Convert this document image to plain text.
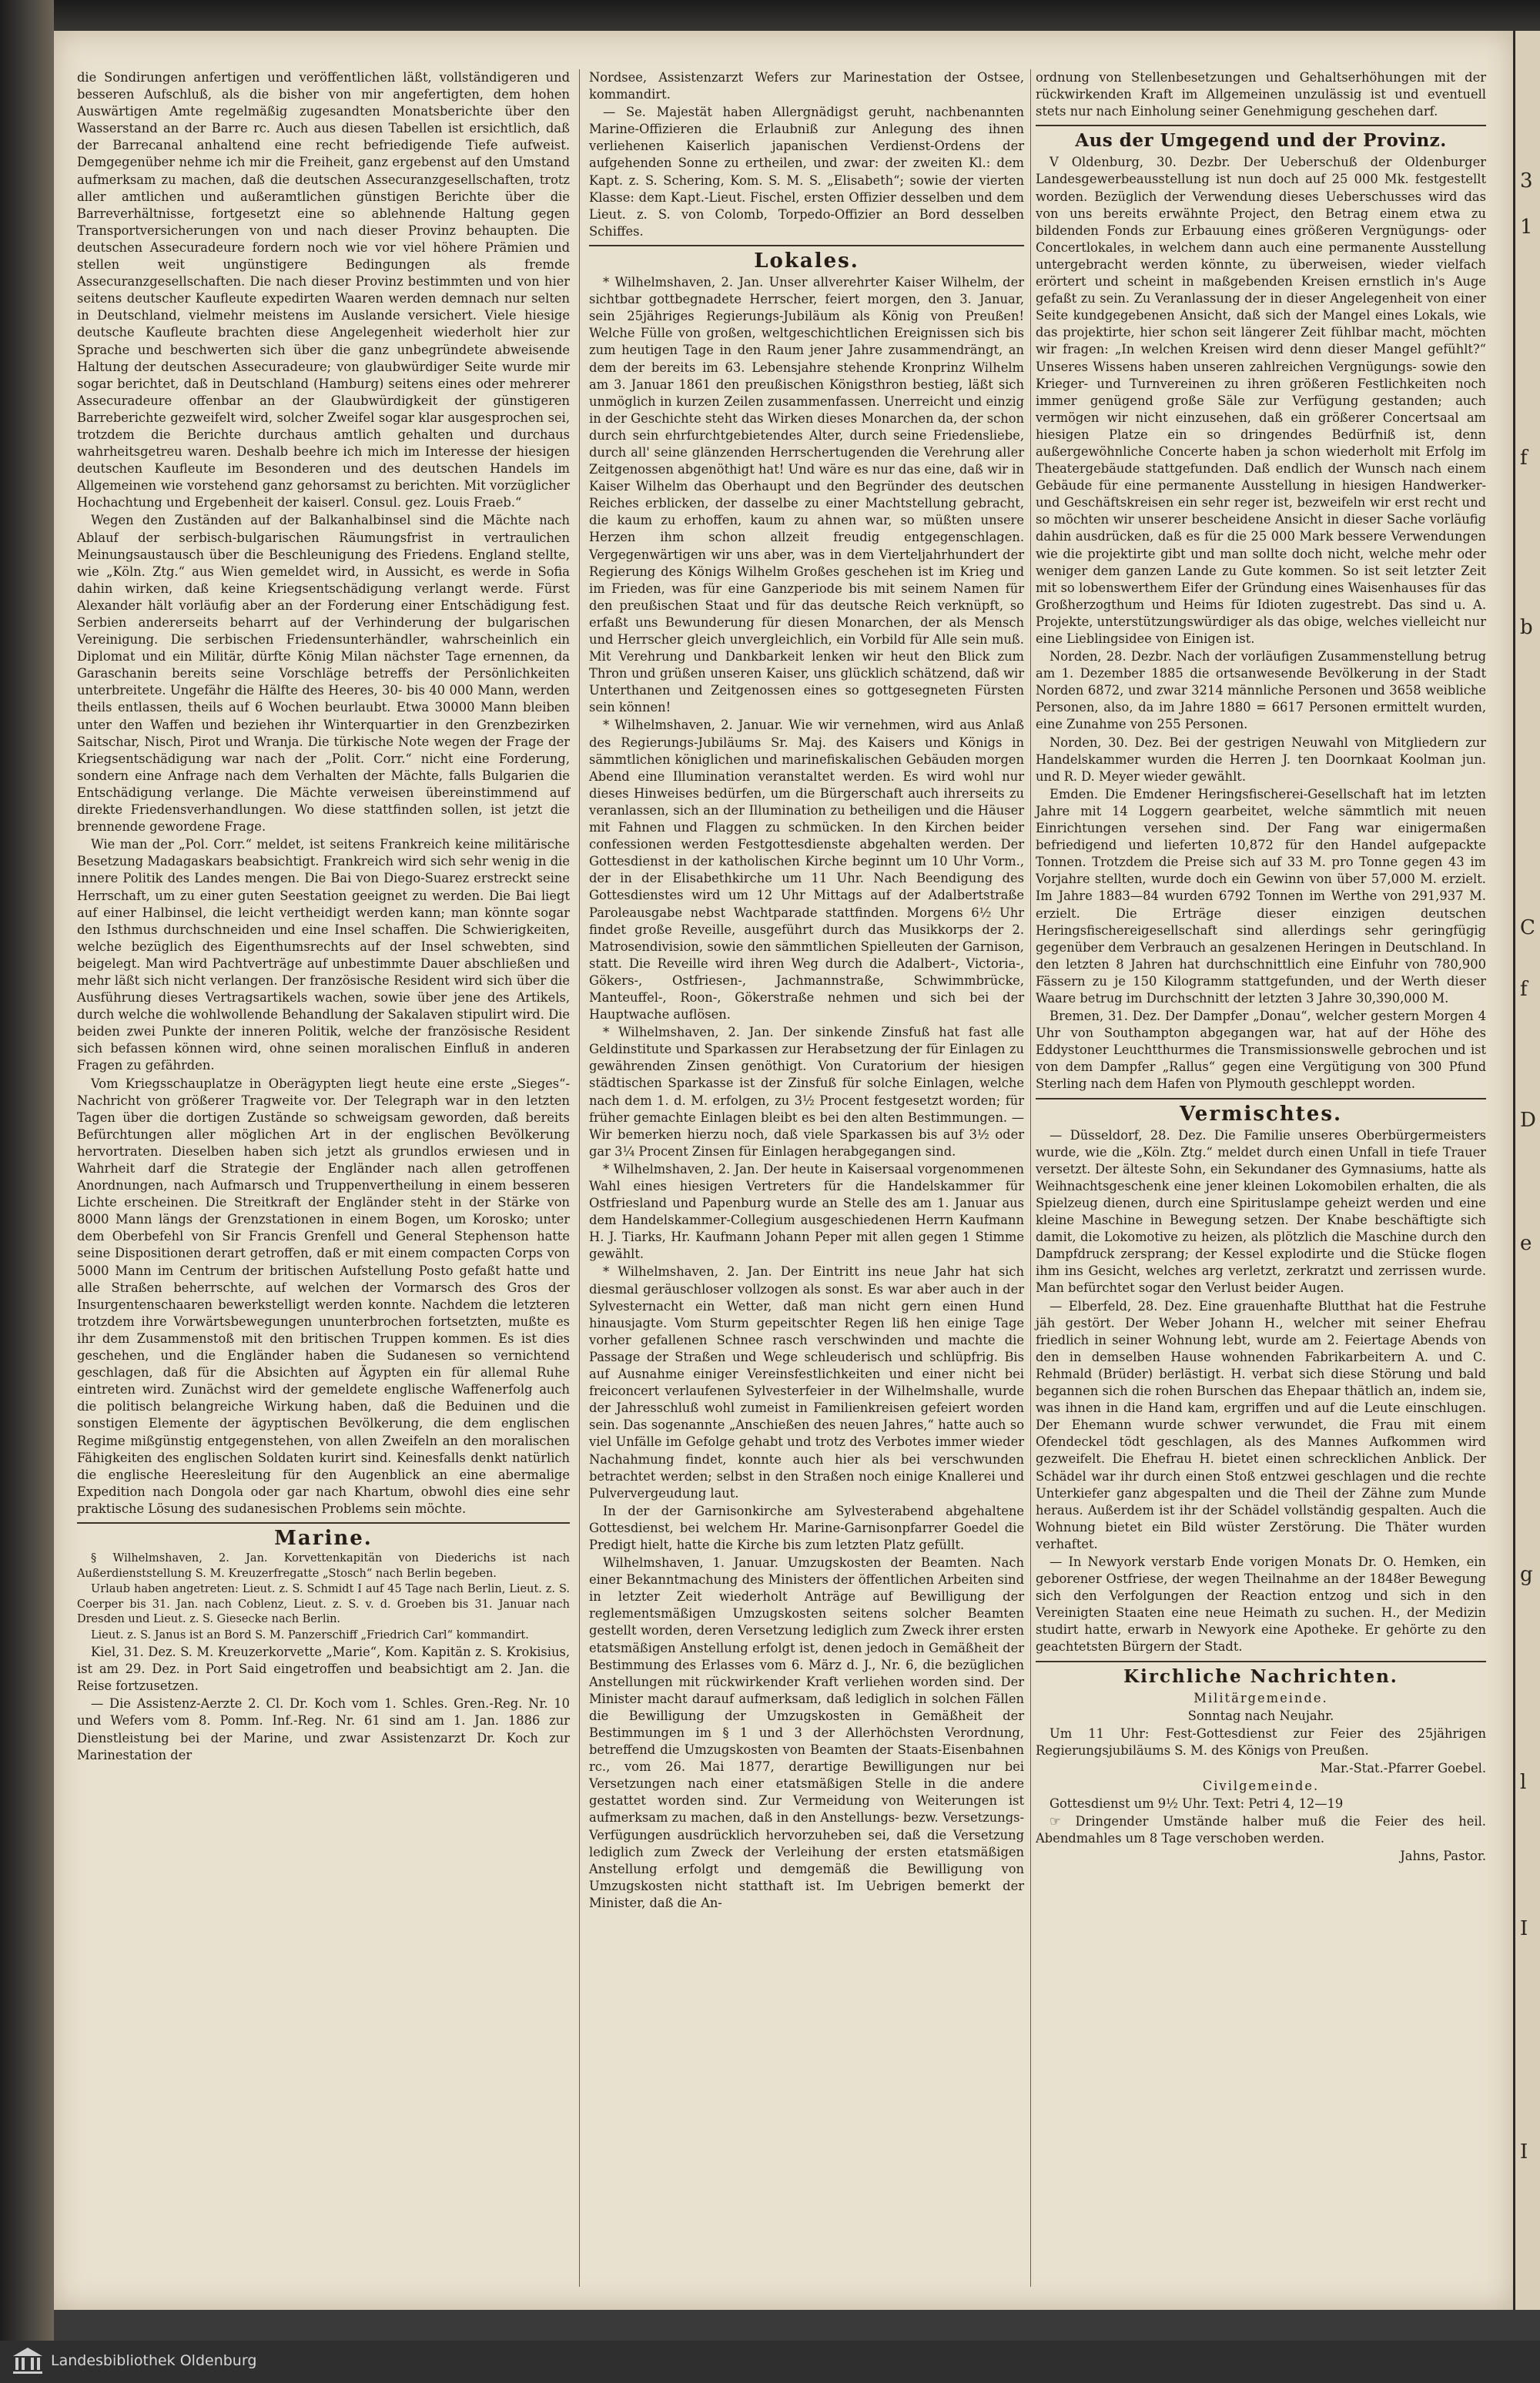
3
1
f
b
C
f
D
e
g
l
I
I

die Sondirungen anfertigen und veröffentlichen läßt, vollständigeren und besseren Aufschluß, als die bisher von mir angefertigten, dem hohen Auswärtigen Amte regelmäßig zugesandten Monatsberichte über den Wasserstand an der Barre rc. Auch aus diesen Tabellen ist ersichtlich, daß der Barrecanal anhaltend eine recht befriedigende Tiefe aufweist. Demgegenüber nehme ich mir die Freiheit, ganz ergebenst auf den Umstand aufmerksam zu machen, daß die deutschen Assecuranzgesellschaften, trotz aller amtlichen und außeramtlichen günstigen Berichte über die Barreverhältnisse, fortgesetzt eine so ablehnende Haltung gegen Transportversicherungen von und nach dieser Provinz behaupten. Die deutschen Assecuradeure fordern noch wie vor viel höhere Prämien und stellen weit ungünstigere Bedingungen als fremde Assecuranzgesellschaften. Die nach dieser Provinz bestimmten und von hier seitens deutscher Kaufleute expedirten Waaren werden demnach nur selten in Deutschland, vielmehr meistens im Auslande versichert. Viele hiesige deutsche Kaufleute brachten diese Angelegenheit wiederholt hier zur Sprache und beschwerten sich über die ganz unbegründete abweisende Haltung der deutschen Assecuradeure; von glaubwürdiger Seite wurde mir sogar berichtet, daß in Deutschland (Hamburg) seitens eines oder mehrerer Assecuradeure offenbar an der Glaubwürdigkeit der günstigeren Barreberichte gezweifelt wird, solcher Zweifel sogar klar ausgesprochen sei, trotzdem die Berichte durchaus amtlich gehalten und durchaus wahrheitsgetreu waren. Deshalb beehre ich mich im Interesse der hiesigen deutschen Kaufleute im Besonderen und des deutschen Handels im Allgemeinen wie vorstehend ganz gehorsamst zu berichten. Mit vorzüglicher Hochachtung und Ergebenheit der kaiserl. Consul. gez. Louis Fraeb.“

Wegen den Zuständen auf der Balkanhalbinsel sind die Mächte nach Ablauf der serbisch-bulgarischen Räumungsfrist in vertraulichen Meinungsaustausch über die Beschleunigung des Friedens. England stellte, wie „Köln. Ztg.“ aus Wien gemeldet wird, in Aussicht, es werde in Sofia dahin wirken, daß keine Kriegsentschädigung verlangt werde. Fürst Alexander hält vorläufig aber an der Forderung einer Entschädigung fest. Serbien andererseits beharrt auf der Verhinderung der bulgarischen Vereinigung. Die serbischen Friedensunterhändler, wahrscheinlich ein Diplomat und ein Militär, dürfte König Milan nächster Tage ernennen, da Garaschanin bereits seine Vorschläge betreffs der Persönlichkeiten unterbreitete. Ungefähr die Hälfte des Heeres, 30- bis 40 000 Mann, werden theils entlassen, theils auf 6 Wochen beurlaubt. Etwa 30000 Mann bleiben unter den Waffen und beziehen ihr Winterquartier in den Grenzbezirken Saitschar, Nisch, Pirot und Wranja. Die türkische Note wegen der Frage der Kriegsentschädigung war nach der „Polit. Corr.“ nicht eine Forderung, sondern eine Anfrage nach dem Verhalten der Mächte, falls Bulgarien die Entschädigung verlange. Die Mächte verweisen übereinstimmend auf direkte Friedensverhandlungen. Wo diese stattfinden sollen, ist jetzt die brennende gewordene Frage.

Wie man der „Pol. Corr.“ meldet, ist seitens Frankreich keine militärische Besetzung Madagaskars beabsichtigt. Frankreich wird sich sehr wenig in die innere Politik des Landes mengen. Die Bai von Diego-Suarez erstreckt seine Herrschaft, um zu einer guten Seestation geeignet zu werden. Die Bai liegt auf einer Halbinsel, die leicht vertheidigt werden kann; man könnte sogar den Isthmus durchschneiden und eine Insel schaffen. Die Schwierigkeiten, welche bezüglich des Eigenthumsrechts auf der Insel schwebten, sind beigelegt. Man wird Pachtverträge auf unbestimmte Dauer abschließen und mehr läßt sich nicht verlangen. Der französische Resident wird sich über die Ausführung dieses Vertragsartikels wachen, sowie über jene des Artikels, durch welche die wohlwollende Behandlung der Sakalaven stipulirt wird. Die beiden zwei Punkte der inneren Politik, welche der französische Resident sich befassen können wird, ohne seinen moralischen Einfluß in anderen Fragen zu gefährden.

Vom Kriegsschauplatze in Oberägypten liegt heute eine erste „Sieges“-Nachricht von größerer Tragweite vor. Der Telegraph war in den letzten Tagen über die dortigen Zustände so schweigsam geworden, daß bereits Befürchtungen aller möglichen Art in der englischen Bevölkerung hervortraten. Dieselben haben sich jetzt als grundlos erwiesen und in Wahrheit darf die Strategie der Engländer nach allen getroffenen Anordnungen, nach Aufmarsch und Truppenvertheilung in einem besseren Lichte erscheinen. Die Streitkraft der Engländer steht in der Stärke von 8000 Mann längs der Grenzstationen in einem Bogen, um Korosko; unter dem Oberbefehl von Sir Francis Grenfell und General Stephenson hatte seine Dispositionen derart getroffen, daß er mit einem compacten Corps von 5000 Mann im Centrum der britischen Aufstellung Posto gefaßt hatte und alle Straßen beherrschte, auf welchen der Vormarsch des Gros der Insurgentenschaaren bewerkstelligt werden konnte. Nachdem die letzteren trotzdem ihre Vorwärtsbewegungen ununterbrochen fortsetzten, mußte es ihr dem Zusammenstoß mit den britischen Truppen kommen. Es ist dies geschehen, und die Engländer haben die Sudanesen so vernichtend geschlagen, daß für die Absichten auf Ägypten ein für allemal Ruhe eintreten wird. Zunächst wird der gemeldete englische Waffenerfolg auch die politisch belangreiche Wirkung haben, daß die Beduinen und die sonstigen Elemente der ägyptischen Bevölkerung, die dem englischen Regime mißgünstig entgegenstehen, von allen Zweifeln an den moralischen Fähigkeiten des englischen Soldaten kurirt sind. Keinesfalls denkt natürlich die englische Heeresleitung für den Augenblick an eine abermalige Expedition nach Dongola oder gar nach Khartum, obwohl dies eine sehr praktische Lösung des sudanesischen Problems sein möchte.

Marine.

§ Wilhelmshaven, 2. Jan. Korvettenkapitän von Diederichs ist nach Außerdienststellung S. M. Kreuzerfregatte „Stosch“ nach Berlin begeben.

Urlaub haben angetreten: Lieut. z. S. Schmidt I auf 45 Tage nach Berlin, Lieut. z. S. Coerper bis 31. Jan. nach Coblenz, Lieut. z. S. v. d. Groeben bis 31. Januar nach Dresden und Lieut. z. S. Giesecke nach Berlin.

Lieut. z. S. Janus ist an Bord S. M. Panzerschiff „Friedrich Carl“ kommandirt.

Kiel, 31. Dez. S. M. Kreuzerkorvette „Marie“, Kom. Kapitän z. S. Krokisius, ist am 29. Dez. in Port Said eingetroffen und beabsichtigt am 2. Jan. die Reise fortzusetzen.

— Die Assistenz-Aerzte 2. Cl. Dr. Koch vom 1. Schles. Gren.-Reg. Nr. 10 und Wefers vom 8. Pomm. Inf.-Reg. Nr. 61 sind am 1. Jan. 1886 zur Dienstleistung bei der Marine, und zwar Assistenzarzt Dr. Koch zur Marinestation der

Nordsee, Assistenzarzt Wefers zur Marinestation der Ostsee, kommandirt.

— Se. Majestät haben Allergnädigst geruht, nachbenannten Marine-Offizieren die Erlaubniß zur Anlegung des ihnen verliehenen Kaiserlich japanischen Verdienst-Ordens der aufgehenden Sonne zu ertheilen, und zwar: der zweiten Kl.: dem Kapt. z. S. Schering, Kom. S. M. S. „Elisabeth“; sowie der vierten Klasse: dem Kapt.-Lieut. Fischel, ersten Offizier desselben und dem Lieut. z. S. von Colomb, Torpedo-Offizier an Bord desselben Schiffes.

Lokales.

* Wilhelmshaven, 2. Jan. Unser allverehrter Kaiser Wilhelm, der sichtbar gottbegnadete Herrscher, feiert morgen, den 3. Januar, sein 25jähriges Regierungs-Jubiläum als König von Preußen! Welche Fülle von großen, weltgeschichtlichen Ereignissen sich bis zum heutigen Tage in den Raum jener Jahre zusammendrängt, an dem der bereits im 63. Lebensjahre stehende Kronprinz Wilhelm am 3. Januar 1861 den preußischen Königsthron bestieg, läßt sich unmöglich in kurzen Zeilen zusammenfassen. Unerreicht und einzig in der Geschichte steht das Wirken dieses Monarchen da, der schon durch sein ehrfurchtgebietendes Alter, durch seine Friedensliebe, durch all' seine glänzenden Herrschertugenden die Verehrung aller Zeitgenossen abgenöthigt hat! Und wäre es nur das eine, daß wir in Kaiser Wilhelm das Oberhaupt und den Begründer des deutschen Reiches erblicken, der dasselbe zu einer Machtstellung gebracht, die kaum zu erhoffen, kaum zu ahnen war, so müßten unsere Herzen ihm schon allzeit freudig entgegenschlagen. Vergegenwärtigen wir uns aber, was in dem Vierteljahrhundert der Regierung des Königs Wilhelm Großes geschehen ist im Krieg und im Frieden, was für eine Ganzperiode bis mit seinem Namen für den preußischen Staat und für das deutsche Reich verknüpft, so erfaßt uns Bewunderung für diesen Monarchen, der als Mensch und Herrscher gleich unvergleichlich, ein Vorbild für Alle sein muß. Mit Verehrung und Dankbarkeit lenken wir heut den Blick zum Thron und grüßen unseren Kaiser, uns glücklich schätzend, daß wir Unterthanen und Zeitgenossen eines so gottgesegneten Fürsten sein können!

* Wilhelmshaven, 2. Januar. Wie wir vernehmen, wird aus Anlaß des Regierungs-Jubiläums Sr. Maj. des Kaisers und Königs in sämmtlichen königlichen und marinefiskalischen Gebäuden morgen Abend eine Illumination veranstaltet werden. Es wird wohl nur dieses Hinweises bedürfen, um die Bürgerschaft auch ihrerseits zu veranlassen, sich an der Illumination zu betheiligen und die Häuser mit Fahnen und Flaggen zu schmücken. In den Kirchen beider confessionen werden Festgottesdienste abgehalten werden. Der Gottesdienst in der katholischen Kirche beginnt um 10 Uhr Vorm., der in der Elisabethkirche um 11 Uhr. Nach Beendigung des Gottesdienstes wird um 12 Uhr Mittags auf der Adalbertstraße Paroleausgabe nebst Wachtparade stattfinden. Morgens 6½ Uhr findet große Reveille, ausgeführt durch das Musikkorps der 2. Matrosendivision, sowie den sämmtlichen Spielleuten der Garnison, statt. Die Reveille wird ihren Weg durch die Adalbert-, Victoria-, Gökers-, Ostfriesen-, Jachmannstraße, Schwimmbrücke, Manteuffel-, Roon-, Gökerstraße nehmen und sich bei der Hauptwache auflösen.

* Wilhelmshaven, 2. Jan. Der sinkende Zinsfuß hat fast alle Geldinstitute und Sparkassen zur Herabsetzung der für Einlagen zu gewährenden Zinsen genöthigt. Von Curatorium der hiesigen städtischen Sparkasse ist der Zinsfuß für solche Einlagen, welche nach dem 1. d. M. erfolgen, zu 3½ Procent festgesetzt worden; für früher gemachte Einlagen bleibt es bei den alten Bestimmungen. — Wir bemerken hierzu noch, daß viele Sparkassen bis auf 3½ oder gar 3¼ Procent Zinsen für Einlagen herabgegangen sind.

* Wilhelmshaven, 2. Jan. Der heute in Kaisersaal vorgenommenen Wahl eines hiesigen Vertreters für die Handelskammer für Ostfriesland und Papenburg wurde an Stelle des am 1. Januar aus dem Handelskammer-Collegium ausgeschiedenen Herrn Kaufmann H. J. Tiarks, Hr. Kaufmann Johann Peper mit allen gegen 1 Stimme gewählt.

* Wilhelmshaven, 2. Jan. Der Eintritt ins neue Jahr hat sich diesmal geräuschloser vollzogen als sonst. Es war aber auch in der Sylvesternacht ein Wetter, daß man nicht gern einen Hund hinausjagte. Vom Sturm gepeitschter Regen liß hen einige Tage vorher gefallenen Schnee rasch verschwinden und machte die Passage der Straßen und Wege schleuderisch und schlüpfrig. Bis auf Ausnahme einiger Vereinsfestlichkeiten und einer nicht bei freiconcert verlaufenen Sylvesterfeier in der Wilhelmshalle, wurde der Jahresschluß wohl zumeist in Familienkreisen gefeiert worden sein. Das sogenannte „Anschießen des neuen Jahres,“ hatte auch so viel Unfälle im Gefolge gehabt und trotz des Verbotes immer wieder Nachahmung findet, konnte auch hier als bei verschwunden betrachtet werden; selbst in den Straßen noch einige Knallerei und Pulververgeudung laut.

In der der Garnisonkirche am Sylvesterabend abgehaltene Gottesdienst, bei welchem Hr. Marine-Garnisonpfarrer Goedel die Predigt hielt, hatte die Kirche bis zum letzten Platz gefüllt.

Wilhelmshaven, 1. Januar. Umzugskosten der Beamten. Nach einer Bekanntmachung des Ministers der öffentlichen Arbeiten sind in letzter Zeit wiederholt Anträge auf Bewilligung der reglementsmäßigen Umzugskosten seitens solcher Beamten gestellt worden, deren Versetzung lediglich zum Zweck ihrer ersten etatsmäßigen Anstellung erfolgt ist, denen jedoch in Gemäßheit der Bestimmung des Erlasses vom 6. März d. J., Nr. 6, die bezüglichen Anstellungen mit rückwirkender Kraft verliehen worden sind. Der Minister macht darauf aufmerksam, daß lediglich in solchen Fällen die Bewilligung der Umzugskosten in Gemäßheit der Bestimmungen im § 1 und 3 der Allerhöchsten Verordnung, betreffend die Umzugskosten von Beamten der Staats-Eisenbahnen rc., vom 26. Mai 1877, derartige Bewilligungen nur bei Versetzungen nach einer etatsmäßigen Stelle in die andere gestattet worden sind. Zur Vermeidung von Weiterungen ist aufmerksam zu machen, daß in den Anstellungs- bezw. Versetzungs-Verfügungen ausdrücklich hervorzuheben sei, daß die Versetzung lediglich zum Zweck der Verleihung der ersten etatsmäßigen Anstellung erfolgt und demgemäß die Bewilligung von Umzugskosten nicht statthaft ist. Im Uebrigen bemerkt der Minister, daß die An-

ordnung von Stellenbesetzungen und Gehaltserhöhungen mit der rückwirkenden Kraft im Allgemeinen unzulässig ist und eventuell stets nur nach Einholung seiner Genehmigung geschehen darf.

Aus der Umgegend und der Provinz.

V Oldenburg, 30. Dezbr. Der Ueberschuß der Oldenburger Landesgewerbeausstellung ist nun doch auf 25 000 Mk. festgestellt worden. Bezüglich der Verwendung dieses Ueberschusses wird das von uns bereits erwähnte Project, den Betrag einem etwa zu bildenden Fonds zur Erbauung eines größeren Vergnügungs- oder Concertlokales, in welchem dann auch eine permanente Ausstellung untergebracht werden könnte, zu überweisen, wieder vielfach erörtert und scheint in maßgebenden Kreisen ernstlich in's Auge gefaßt zu sein. Zu Veranlassung der in dieser Angelegenheit von einer Seite kundgegebenen Ansicht, daß sich der Mangel eines Lokals, wie das projektirte, hier schon seit längerer Zeit fühlbar macht, möchten wir fragen: „In welchen Kreisen wird denn dieser Mangel gefühlt?“ Unseres Wissens haben unseren zahlreichen Vergnügungs- sowie den Krieger- und Turnvereinen zu ihren größeren Festlichkeiten noch immer genügend große Säle zur Verfügung gestanden; auch vermögen wir nicht einzusehen, daß ein größerer Concertsaal am hiesigen Platze ein so dringendes Bedürfniß ist, denn außergewöhnliche Concerte haben ja schon wiederholt mit Erfolg im Theatergebäude stattgefunden. Daß endlich der Wunsch nach einem Gebäude für eine permanente Ausstellung in hiesigen Handwerker- und Geschäftskreisen ein sehr reger ist, bezweifeln wir erst recht und so möchten wir unserer bescheidene Ansicht in dieser Sache vorläufig dahin ausdrücken, daß es für die 25 000 Mark bessere Verwendungen wie die projektirte gibt und man sollte doch nicht, welche mehr oder weniger dem ganzen Lande zu Gute kommen. So ist seit letzter Zeit mit so lobenswerthem Eifer der Gründung eines Waisenhauses für das Großherzogthum und Heims für Idioten zugestrebt. Das sind u. A. Projekte, unterstützungswürdiger als das obige, welches vielleicht nur eine Lieblingsidee von Einigen ist.

Norden, 28. Dezbr. Nach der vorläufigen Zusammenstellung betrug am 1. Dezember 1885 die ortsanwesende Bevölkerung in der Stadt Norden 6872, und zwar 3214 männliche Personen und 3658 weibliche Personen, also, da im Jahre 1880 = 6617 Personen ermittelt wurden, eine Zunahme von 255 Personen.

Norden, 30. Dez. Bei der gestrigen Neuwahl von Mitgliedern zur Handelskammer wurden die Herren J. ten Doornkaat Koolman jun. und R. D. Meyer wieder gewählt.

Emden. Die Emdener Heringsfischerei-Gesellschaft hat im letzten Jahre mit 14 Loggern gearbeitet, welche sämmtlich mit neuen Einrichtungen versehen sind. Der Fang war einigermaßen befriedigend und lieferten 10,872 für den Handel aufgepackte Tonnen. Trotzdem die Preise sich auf 33 M. pro Tonne gegen 43 im Vorjahre stellten, wurde doch ein Gewinn von über 57,000 M. erzielt. Im Jahre 1883—84 wurden 6792 Tonnen im Werthe von 291,937 M. erzielt. Die Erträge dieser einzigen deutschen Heringsfischereigesellschaft sind allerdings sehr geringfügig gegenüber dem Verbrauch an gesalzenen Heringen in Deutschland. In den letzten 8 Jahren hat durchschnittlich eine Einfuhr von 780,900 Fässern zu je 150 Kilogramm stattgefunden, und der Werth dieser Waare betrug im Durchschnitt der letzten 3 Jahre 30,390,000 M.

Bremen, 31. Dez. Der Dampfer „Donau“, welcher gestern Morgen 4 Uhr von Southampton abgegangen war, hat auf der Höhe des Eddystoner Leuchtthurmes die Transmissionswelle gebrochen und ist von dem Dampfer „Rallus“ gegen eine Vergütigung von 300 Pfund Sterling nach dem Hafen von Plymouth geschleppt worden.

Vermischtes.

— Düsseldorf, 28. Dez. Die Familie unseres Oberbürgermeisters wurde, wie die „Köln. Ztg.“ meldet durch einen Unfall in tiefe Trauer versetzt. Der älteste Sohn, ein Sekundaner des Gymnasiums, hatte als Weihnachtsgeschenk eine jener kleinen Lokomobilen erhalten, die als Spielzeug dienen, durch eine Spirituslampe geheizt werden und eine kleine Maschine in Bewegung setzen. Der Knabe beschäftigte sich damit, die Lokomotive zu heizen, als plötzlich die Maschine durch den Dampfdruck zersprang; der Kessel explodirte und die Stücke flogen ihm ins Gesicht, welches arg verletzt, zerkratzt und zerrissen wurde. Man befürchtet sogar den Verlust beider Augen.

— Elberfeld, 28. Dez. Eine grauenhafte Blutthat hat die Festruhe jäh gestört. Der Weber Johann H., welcher mit seiner Ehefrau friedlich in seiner Wohnung lebt, wurde am 2. Feiertage Abends von den in demselben Hause wohnenden Fabrikarbeitern A. und C. Rehmald (Brüder) berlästigt. H. verbat sich diese Störung und bald begannen sich die rohen Burschen das Ehepaar thätlich an, indem sie, was ihnen in die Hand kam, ergriffen und auf die Leute einschlugen. Der Ehemann wurde schwer verwundet, die Frau mit einem Ofendeckel tödt geschlagen, als des Mannes Aufkommen wird gezweifelt. Die Ehefrau H. bietet einen schrecklichen Anblick. Der Schädel war ihr durch einen Stoß entzwei geschlagen und die rechte Unterkiefer ganz abgespalten und die Theil der Zähne zum Munde heraus. Außerdem ist ihr der Schädel vollständig gespalten. Auch die Wohnung bietet ein Bild wüster Zerstörung. Die Thäter wurden verhaftet.

— In Newyork verstarb Ende vorigen Monats Dr. O. Hemken, ein geborener Ostfriese, der wegen Theilnahme an der 1848er Bewegung sich den Verfolgungen der Reaction entzog und sich in den Vereinigten Staaten eine neue Heimath zu suchen. H., der Medizin studirt hatte, erwarb in Newyork eine Apotheke. Er gehörte zu den geachtetsten Bürgern der Stadt.

Kirchliche Nachrichten.

Militärgemeinde.

Sonntag nach Neujahr.

Um 11 Uhr: Fest-Gottesdienst zur Feier des 25jährigen Regierungsjubiläums S. M. des Königs von Preußen.

Mar.-Stat.-Pfarrer Goebel.

Civilgemeinde.

Gottesdienst um 9½ Uhr. Text: Petri 4, 12—19

☞ Dringender Umstände halber muß die Feier des heil. Abendmahles um 8 Tage verschoben werden.

Jahns, Pastor.

Landesbibliothek Oldenburg
